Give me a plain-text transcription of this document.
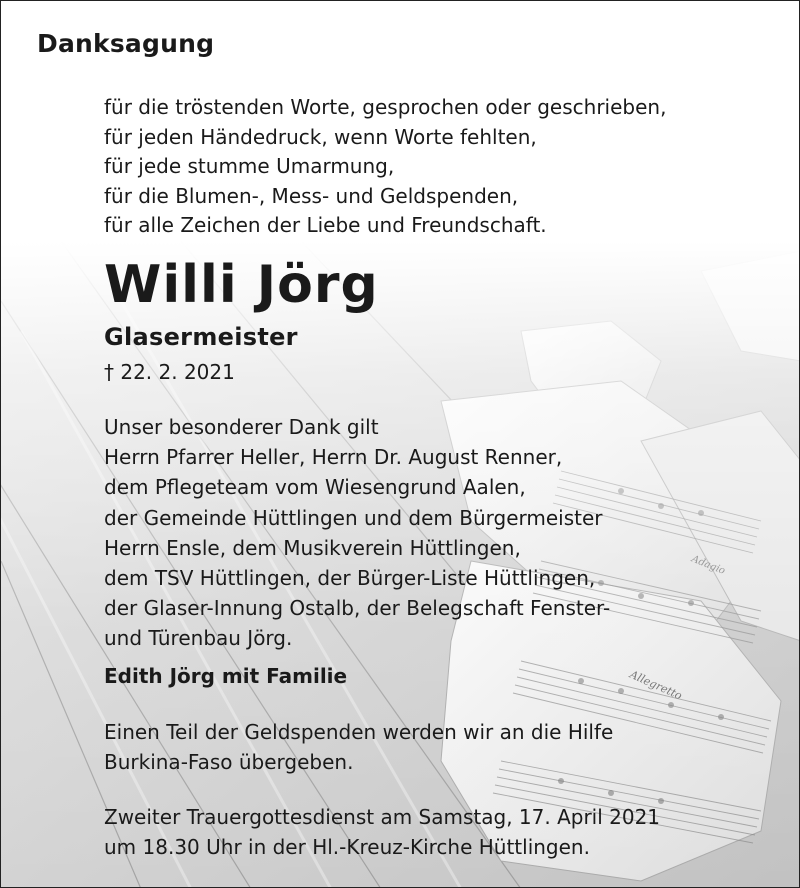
Danksagung
für die tröstenden Worte, gesprochen oder geschrieben,
für jeden Händedruck, wenn Worte fehlten,
für jede stumme Umarmung,
für die Blumen-, Mess- und Geldspenden,
für alle Zeichen der Liebe und Freundschaft.
Willi Jörg
Glasermeister
† 22. 2. 2021
Unser besonderer Dank gilt
Herrn Pfarrer Heller, Herrn Dr. August Renner,
dem Pflegeteam vom Wiesengrund Aalen,
der Gemeinde Hüttlingen und dem Bürgermeister
Herrn Ensle, dem Musikverein Hüttlingen,
dem TSV Hüttlingen, der Bürger-Liste Hüttlingen,
der Glaser-Innung Ostalb, der Belegschaft Fenster-
und Türenbau Jörg.
Edith Jörg mit Familie
Einen Teil der Geldspenden werden wir an die Hilfe
Burkina-Faso übergeben.
Zweiter Trauergottesdienst am Samstag, 17. April 2021
um 18.30 Uhr in der Hl.-Kreuz-Kirche Hüttlingen.
